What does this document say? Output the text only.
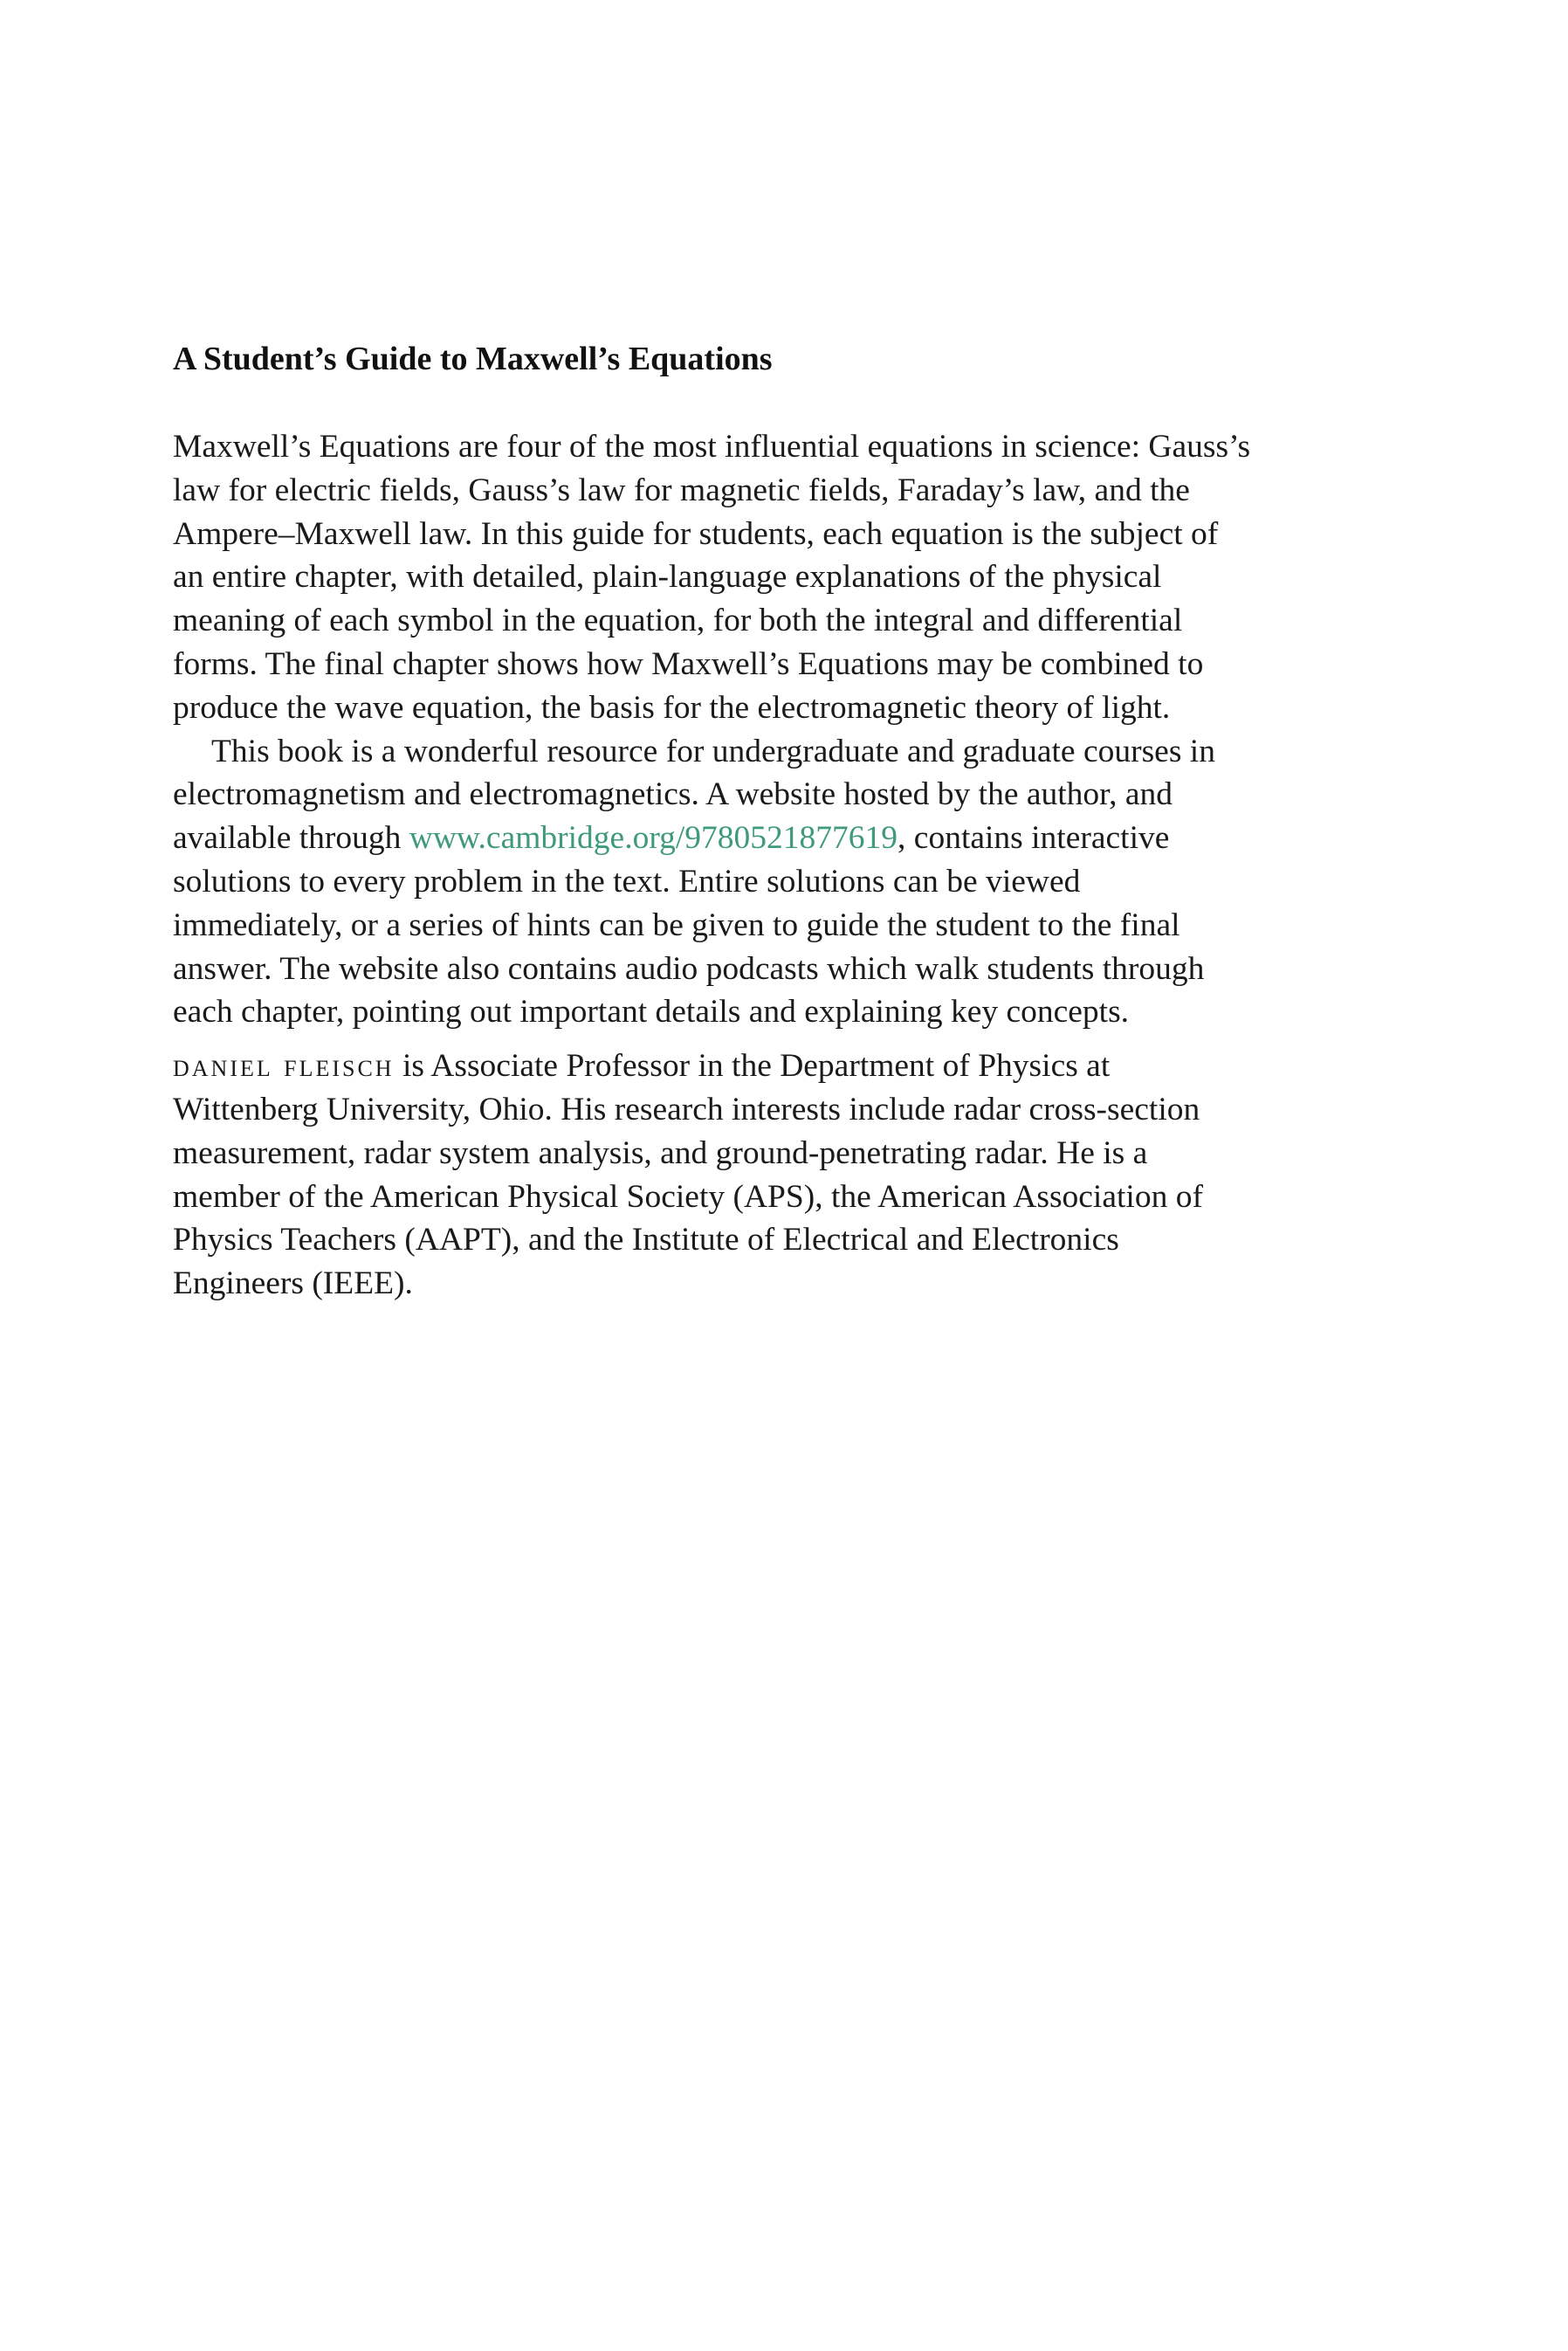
A Student’s Guide to Maxwell’s Equations

Maxwell’s Equations are four of the most influential equations in science: Gauss’s
law for electric fields, Gauss’s law for magnetic fields, Faraday’s law, and the
Ampere–Maxwell law. In this guide for students, each equation is the subject of
an entire chapter, with detailed, plain-language explanations of the physical
meaning of each symbol in the equation, for both the integral and differential
forms. The final chapter shows how Maxwell’s Equations may be combined to
produce the wave equation, the basis for the electromagnetic theory of light.

This book is a wonderful resource for undergraduate and graduate courses in
electromagnetism and electromagnetics. A website hosted by the author, and
available through www.cambridge.org/9780521877619, contains interactive
solutions to every problem in the text. Entire solutions can be viewed
immediately, or a series of hints can be given to guide the student to the final
answer. The website also contains audio podcasts which walk students through
each chapter, pointing out important details and explaining key concepts.

daniel fleisch is Associate Professor in the Department of Physics at
Wittenberg University, Ohio. His research interests include radar cross-section
measurement, radar system analysis, and ground-penetrating radar. He is a
member of the American Physical Society (APS), the American Association of
Physics Teachers (AAPT), and the Institute of Electrical and Electronics
Engineers (IEEE).
